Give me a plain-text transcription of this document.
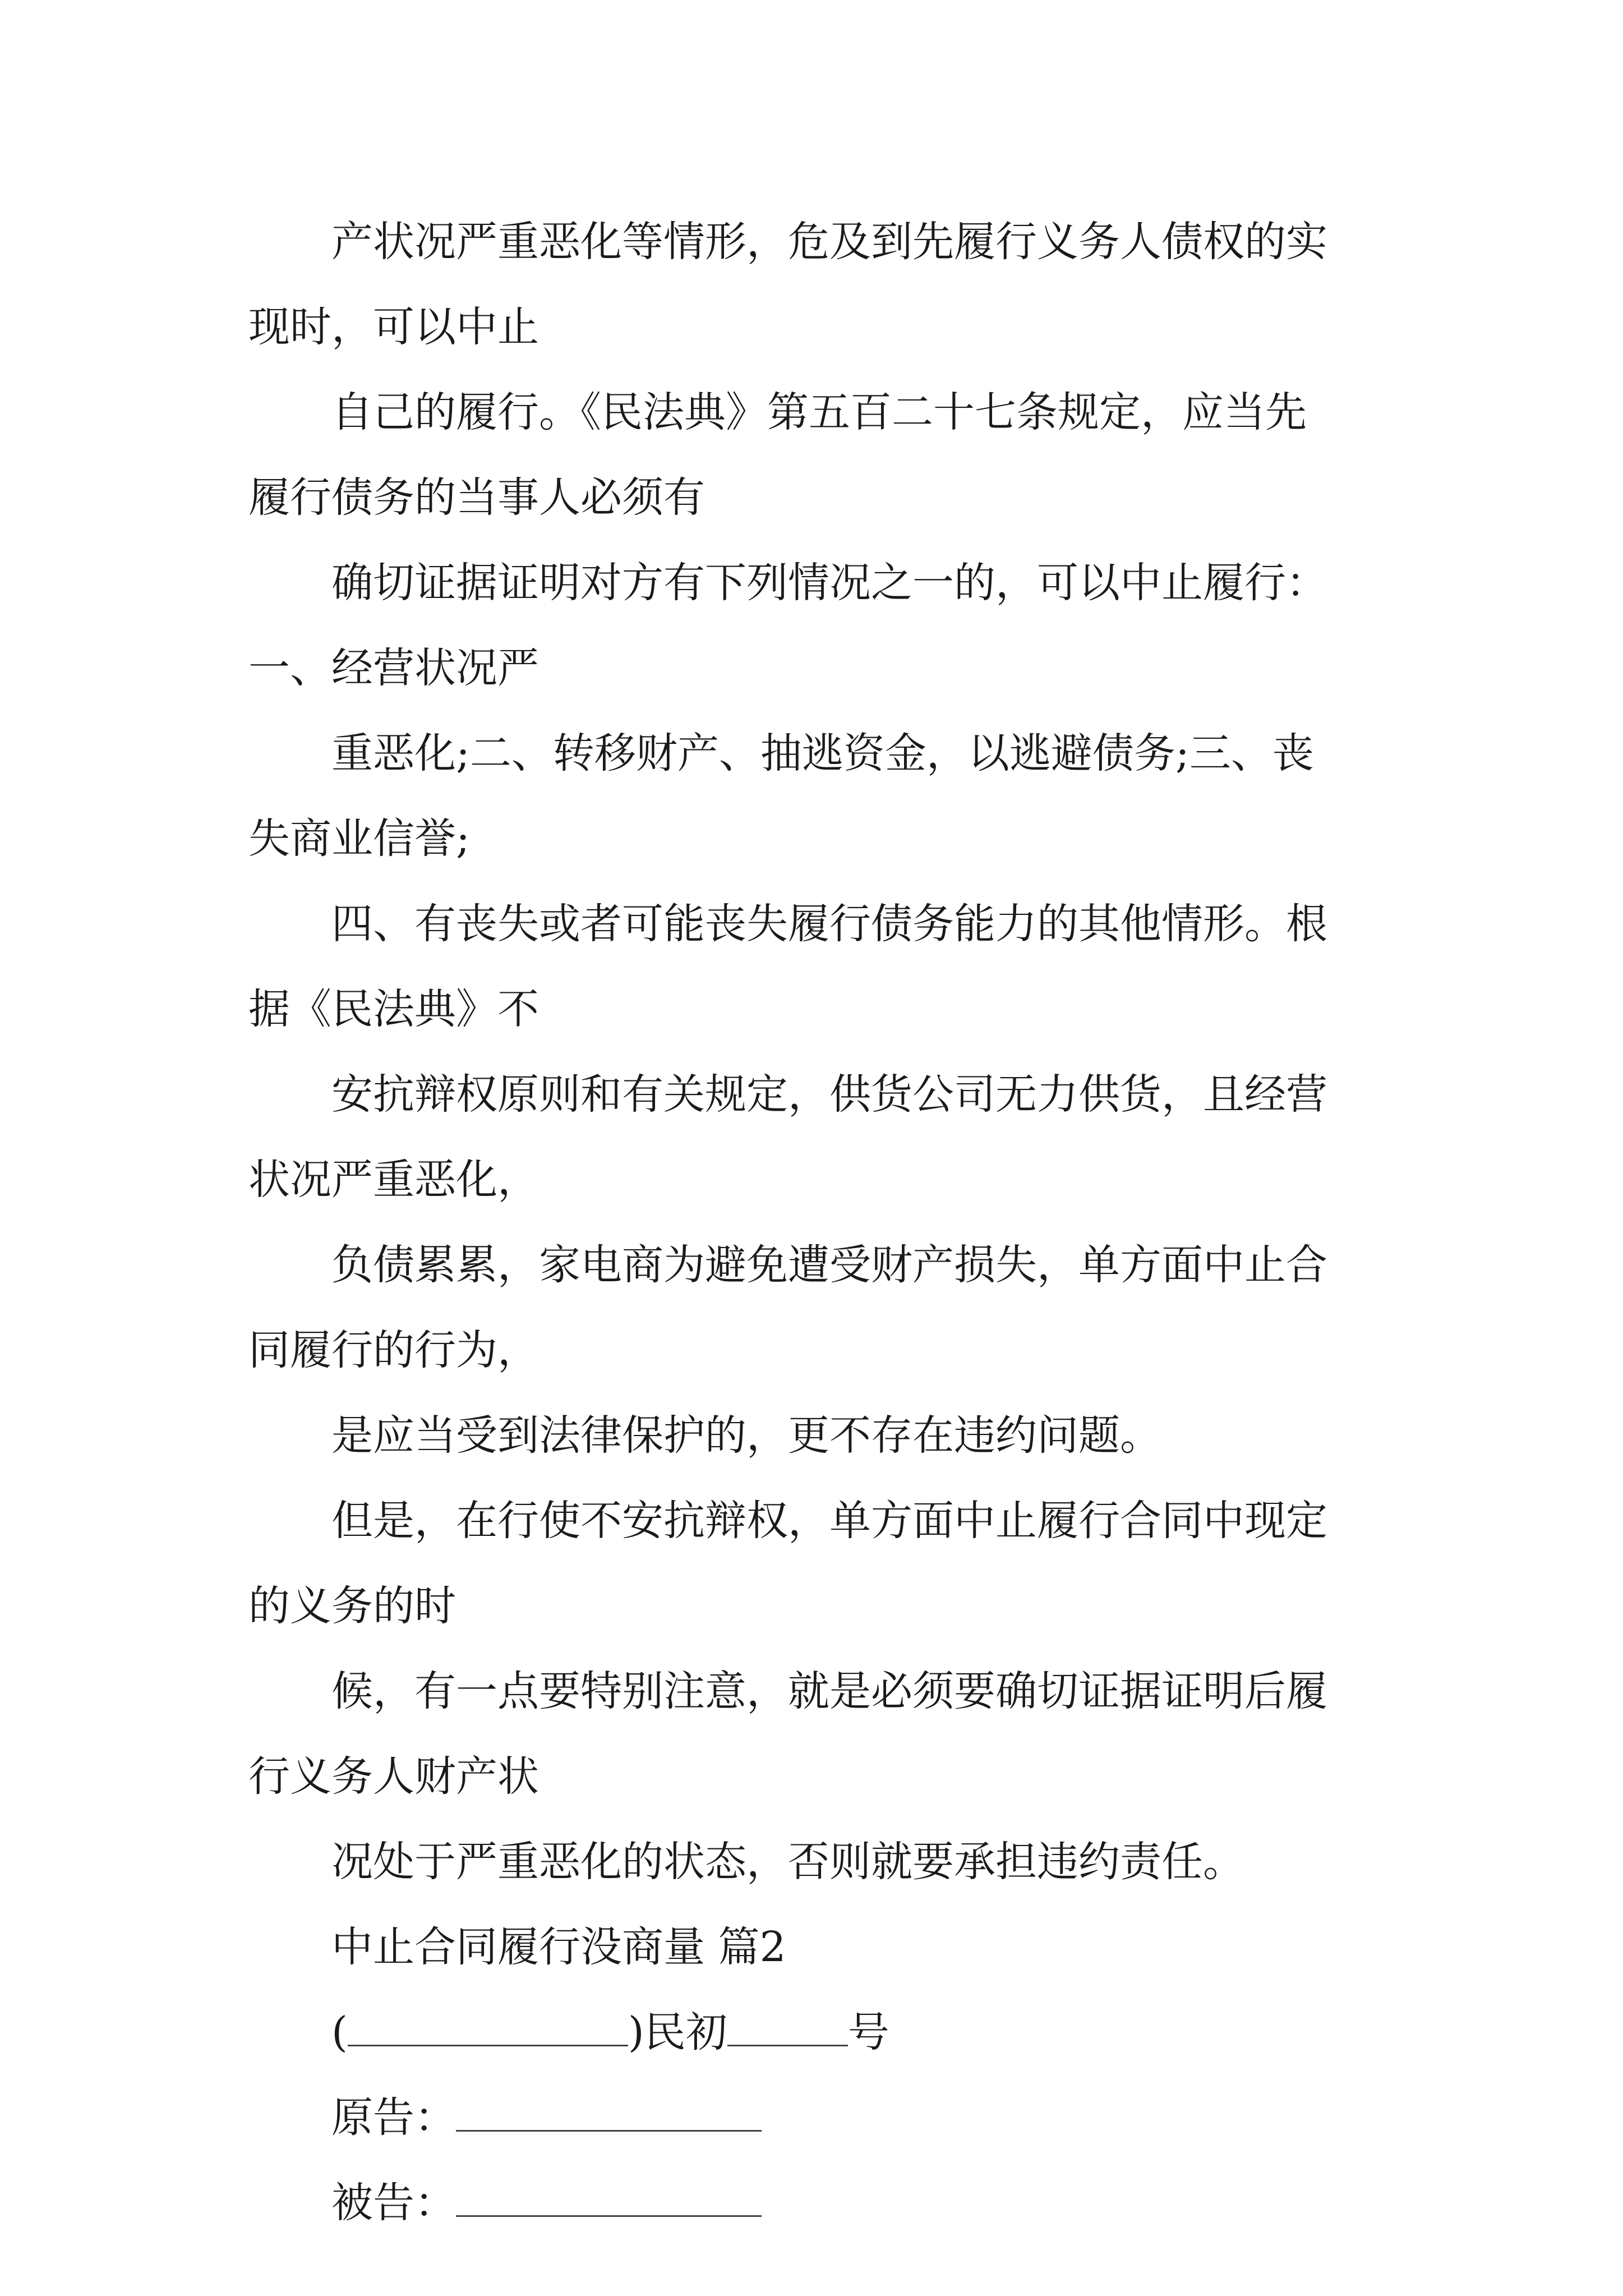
产状况严重恶化等情形，危及到先履行义务人债权的实
现时，可以中止
自己的履行。《民法典》第五百二十七条规定，应当先
履行债务的当事人必须有
确切证据证明对方有下列情况之一的，可以中止履行：
一、经营状况严
重恶化;二、转移财产、抽逃资金，以逃避债务;三、丧
失商业信誉;
四、有丧失或者可能丧失履行债务能力的其他情形。根
据《民法典》不
安抗辩权原则和有关规定，供货公司无力供货，且经营
状况严重恶化，
负债累累，家电商为避免遭受财产损失，单方面中止合
同履行的行为，
是应当受到法律保护的，更不存在违约问题。
但是，在行使不安抗辩权，单方面中止履行合同中现定
的义务的时
候，有一点要特别注意，就是必须要确切证据证明后履
行义务人财产状
况处于严重恶化的状态，否则就要承担违约责任。
中止合同履行没商量 篇2
(	)民初	号
原告：
被告：
